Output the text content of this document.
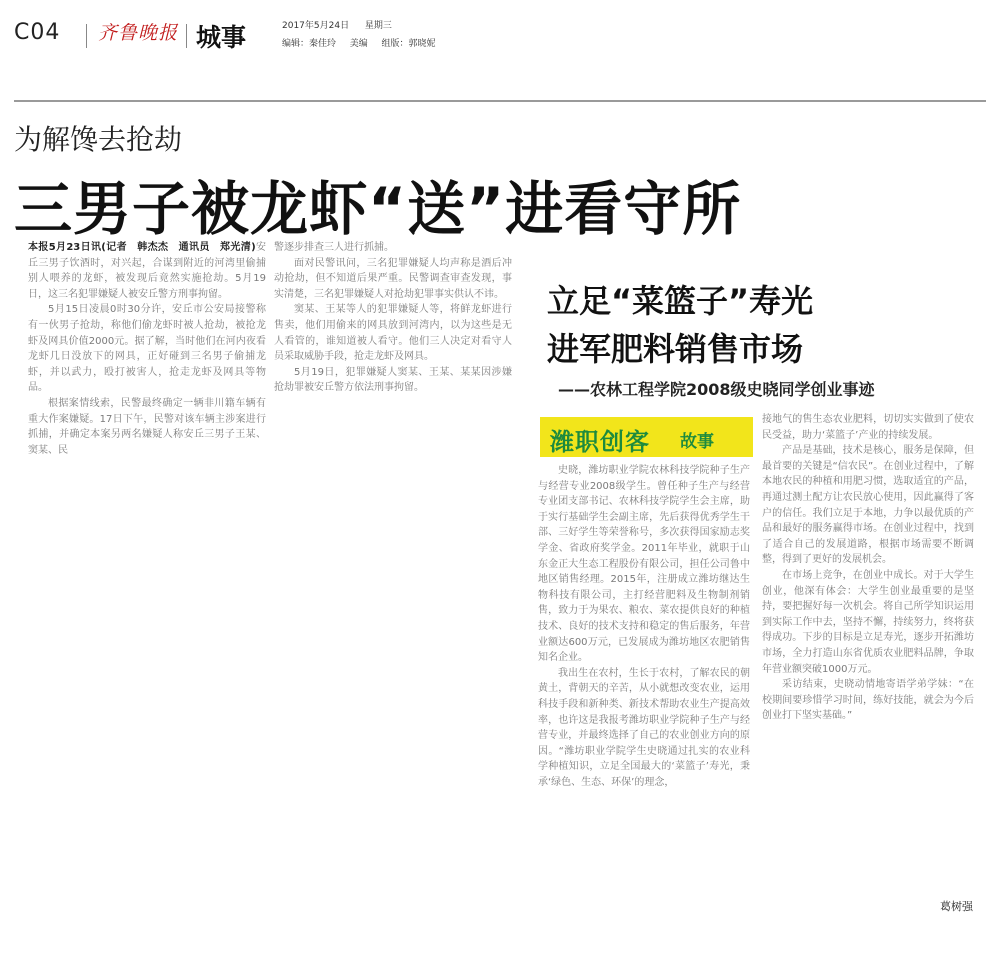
C04 齐鲁晚报 城事	2017年5月24日 星期三
编辑：秦佳玲 美编 组版：郭晓妮
为解馋去抢劫
三男子被龙虾“送”进看守所

本报5月23日讯(记者　韩杰杰　通讯员　郑光清)安丘三男子饮酒时，对兴起，合谋到附近的河湾里偷捕别人喂养的龙虾，被发现后竟然实施抢劫。5月19日，这三名犯罪嫌疑人被安丘警方刑事拘留。

5月15日凌晨0时30分许，安丘市公安局接警称有一伙男子抢劫，称他们偷龙虾时被人抢劫，被抢龙虾及网具价值2000元。据了解，当时他们在河内夜看龙虾几日没放下的网具，正好碰到三名男子偷捕龙虾，并以武力，殴打被害人，抢走龙虾及网具等物品。

根据案情线索，民警最终确定一辆非川籍车辆有重大作案嫌疑。17日下午，民警对该车辆主涉案进行抓捕，并确定本案另两名嫌疑人称安丘三男子王某、窦某、民

警逐步排查三人进行抓捕。

面对民警讯问，三名犯罪嫌疑人均声称是酒后冲动抢劫，但不知道后果严重。民警调查审查发现，事实清楚，三名犯罪嫌疑人对抢劫犯罪事实供认不讳。

窦某、王某等人的犯罪嫌疑人等，将鲜龙虾进行售卖，他们用偷来的网具放到河湾内，以为这些是无人看管的，谁知道被人看守。他们三人决定对看守人员采取威胁手段，抢走龙虾及网具。

5月19日，犯罪嫌疑人窦某、王某、某某因涉嫌抢劫罪被安丘警方依法刑事拘留。

立足“菜篮子”寿光
进军肥料销售市场
——农林工程学院2008级史晓同学创业事迹
潍职创客 故事

史晓，潍坊职业学院农林科技学院种子生产与经营专业2008级学生。曾任种子生产与经营专业团支部书记、农林科技学院学生会主席，助于实行基础学生会副主席，先后获得优秀学生干部、三好学生等荣誉称号，多次获得国家励志奖学金、省政府奖学金。2011年毕业，就职于山东金正大生态工程股份有限公司，担任公司鲁中地区销售经理。2015年，注册成立潍坊继达生物科技有限公司，主打经营肥料及生物制剂销售，致力于为果农、粮农、菜农提供良好的种植技术、良好的技术支持和稳定的售后服务，年营业额达600万元，已发展成为潍坊地区农肥销售知名企业。

我出生在农村，生长于农村，了解农民的朝黄土，背朝天的辛苦，从小就想改变农业，运用科技手段和新种类、新技术帮助农业生产提高效率，也许这是我报考潍坊职业学院种子生产与经营专业，并最终选择了自己的农业创业方向的原因。“潍坊职业学院学生史晓通过扎实的农业科学种植知识，立足全国最大的‘菜篮子’寿光，秉承‘绿色、生态、环保’的理念，

接地气的售生态农业肥料，切切实实做到了使农民受益，助力‘菜篮子’产业的持续发展。

产品是基础，技术是核心，服务是保障，但最首要的关键是“信农民”。在创业过程中，了解本地农民的种植和用肥习惯，选取适宜的产品，再通过测土配方让农民放心使用，因此赢得了客户的信任。我们立足于本地，力争以最优质的产品和最好的服务赢得市场。在创业过程中，找到了适合自己的发展道路，根据市场需要不断调整，得到了更好的发展机会。

在市场上竞争，在创业中成长。对于大学生创业，他深有体会：大学生创业最重要的是坚持，要把握好每一次机会。将自己所学知识运用到实际工作中去，坚持不懈，持续努力，终将获得成功。下步的目标是立足寿光，逐步开拓潍坊市场，全力打造山东省优质农业肥料品牌，争取年营业额突破1000万元。

采访结束，史晓动情地寄语学弟学妹：“在校期间要珍惜学习时间，练好技能，就会为今后创业打下坚实基础。”

葛树强
